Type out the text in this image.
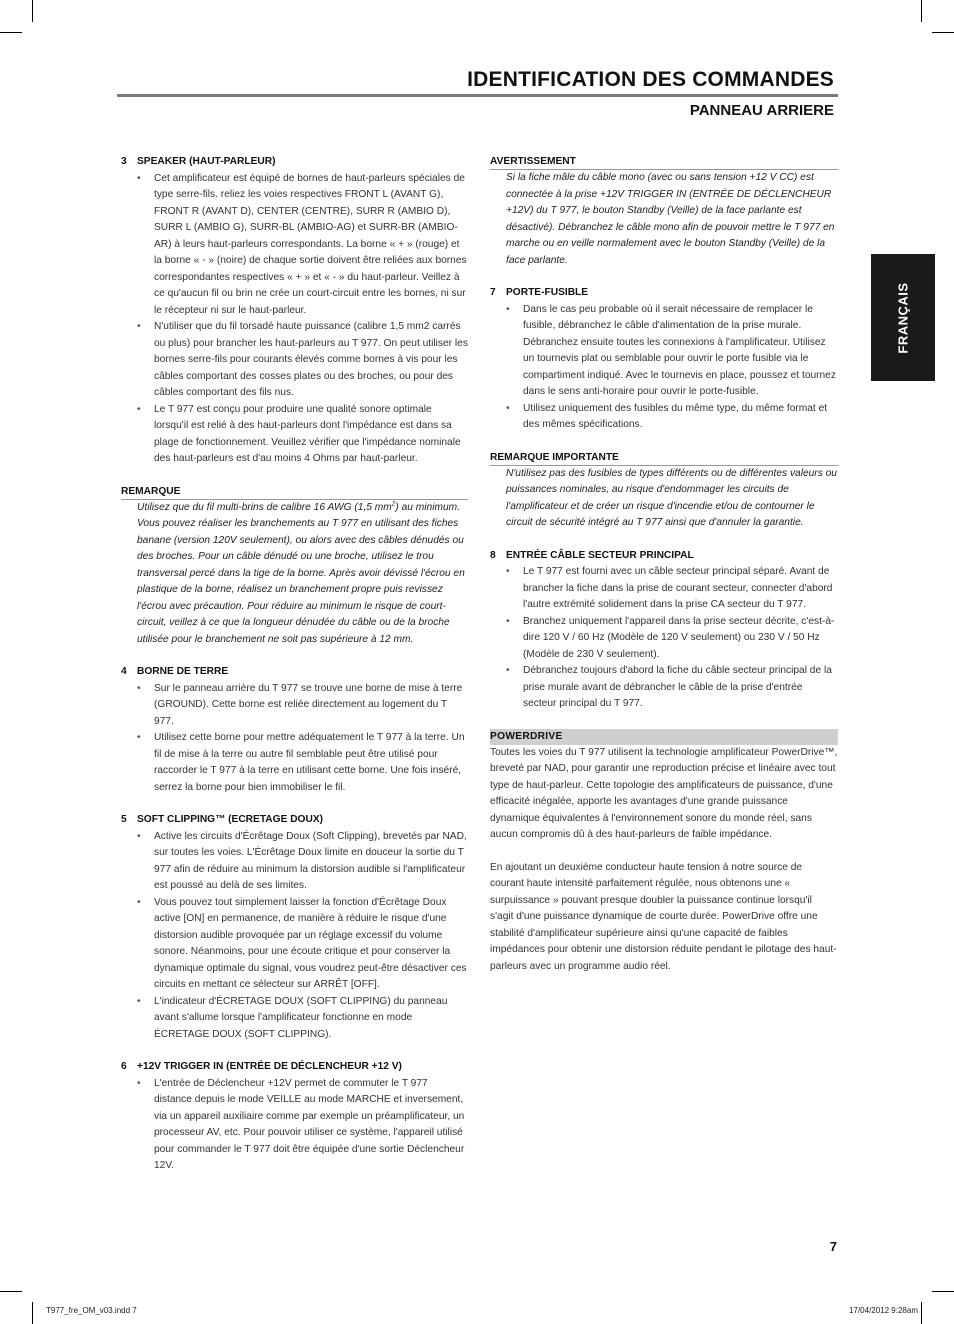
IDENTIFICATION DES COMMANDES
PANNEAU ARRIERE
FRANÇAIS
3	SPEAKER (HAUT-PARLEUR)
• Cet amplificateur est équipé de bornes de haut-parleurs spéciales de type serre-fils. reliez les voies respectives FRONT L (AVANT G), FRONT R (AVANT D), CENTER (CENTRE), SURR R (AMBIO D), SURR L (AMBIO G), SURR-BL (AMBIO-AG) et SURR-BR (AMBIO-AR) à leurs haut-parleurs correspondants. La borne « + » (rouge) et la borne « - » (noire) de chaque sortie doivent être reliées aux bornes correspondantes respectives « + » et « - » du haut-parleur. Veillez à ce qu'aucun fil ou brin ne crée un court-circuit entre les bornes, ni sur le récepteur ni sur le haut-parleur.
• N'utiliser que du fil torsadé haute puissance (calibre 1,5 mm2 carrés ou plus) pour brancher les haut-parleurs au T 977. On peut utiliser les bornes serre-fils pour courants élevés comme bornes à vis pour les câbles comportant des cosses plates ou des broches, ou pour des câbles comportant des fils nus.
• Le T 977 est conçu pour produire une qualité sonore optimale lorsqu'il est relié à des haut-parleurs dont l'impédance est dans sa plage de fonctionnement. Veuillez vérifier que l'impédance nominale des haut-parleurs est d'au moins 4 Ohms par haut-parleur.
REMARQUE
Utilisez que du fil multi-brins de calibre 16 AWG (1,5 $mm^2$) au minimum. Vous pouvez réaliser les branchements au T 977 en utilisant des fiches banane (version 120V seulement), ou alors avec des câbles dénudés ou des broches. Pour un câble dénudé ou une broche, utilisez le trou transversal percé dans la tige de la borne. Après avoir dévissé l'écrou en plastique de la borne, réalisez un branchement propre puis revissez l'écrou avec précaution. Pour réduire au minimum le risque de court-circuit, veillez à ce que la longueur dénudée du câble ou de la broche utilisée pour le branchement ne soit pas supérieure à 12 mm.
4	BORNE DE TERRE
• Sur le panneau arrière du T 977 se trouve une borne de mise à terre (GROUND). Cette borne est reliée directement au logement du T 977.
• Utilisez cette borne pour mettre adéquatement le T 977 à la terre. Un fil de mise à la terre ou autre fil semblable peut être utilisé pour raccorder le T 977 à la terre en utilisant cette borne. Une fois inséré, serrez la borne pour bien immobiliser le fil.
5	SOFT CLIPPING™ (ECRETAGE DOUX)
• Active les circuits d'Écrêtage Doux (Soft Clipping), brevetés par NAD, sur toutes les voies. L'Écrêtage Doux limite en douceur la sortie du T 977 afin de réduire au minimum la distorsion audible si l'amplificateur est poussé au delà de ses limites.
• Vous pouvez tout simplement laisser la fonction d'Écrêtage Doux active [ON] en permanence, de manière à réduire le risque d'une distorsion audible provoquée par un réglage excessif du volume sonore. Néanmoins, pour une écoute critique et pour conserver la dynamique optimale du signal, vous voudrez peut-être désactiver ces circuits en mettant ce sélecteur sur ARRÊT [OFF].
• L'indicateur d'ÉCRETAGE DOUX (SOFT CLIPPING) du panneau avant s'allume lorsque l'amplificateur fonctionne en mode ÉCRETAGE DOUX (SOFT CLIPPING).
6	+12V TRIGGER IN (ENTRÉE DE DÉCLENCHEUR +12 V)
• L'entrée de Déclencheur +12V permet de commuter le T 977 distance depuis le mode VEILLE au mode MARCHE et inversement, via un appareil auxiliaire comme par exemple un préamplificateur, un processeur AV, etc. Pour pouvoir utiliser ce système, l'appareil utilisé pour commander le T 977 doit être équipée d'une sortie Déclencheur 12V.
AVERTISSEMENT
Si la fiche mâle du câble mono (avec ou sans tension +12 V CC) est connectée à la prise +12V TRIGGER IN (ENTRÉE DE DÉCLENCHEUR +12V) du T 977, le bouton Standby (Veille) de la face parlante est désactivé). Débranchez le câble mono afin de pouvoir mettre le T 977 en marche ou en veille normalement avec le bouton Standby (Veille) de la face parlante.
7	PORTE-FUSIBLE
• Dans le cas peu probable où il serait nécessaire de remplacer le fusible, débranchez le câble d'alimentation de la prise murale. Débranchez ensuite toutes les connexions à l'amplificateur. Utilisez un tournevis plat ou semblable pour ouvrir le porte fusible via le compartiment indiqué. Avec le tournevis en place, poussez et tournez dans le sens anti-horaire pour ouvrir le porte-fusible.
• Utilisez uniquement des fusibles du même type, du même format et des mêmes spécifications.
REMARQUE IMPORTANTE
N'utilisez pas des fusibles de types différents ou de différentes valeurs ou puissances nominales, au risque d'endommager les circuits de l'amplificateur et de créer un risque d'incendie et/ou de contourner le circuit de sécurité intégré au T 977 ainsi que d'annuler la garantie.
8	ENTRÉE CÂBLE SECTEUR PRINCIPAL
• Le T 977 est fourni avec un câble secteur principal séparé. Avant de brancher la fiche dans la prise de courant secteur, connecter d'abord l'autre extrémité solidement dans la prise CA secteur du T 977.
• Branchez uniquement l'appareil dans la prise secteur décrite, c'est-à-dire 120 V / 60 Hz (Modèle de 120 V seulement) ou 230 V / 50 Hz (Modèle de 230 V seulement).
• Débranchez toujours d'abord la fiche du câble secteur principal de la prise murale avant de débrancher le câble de la prise d'entrée secteur principal du T 977.
POWERDRIVE
Toutes les voies du T 977 utilisent la technologie amplificateur PowerDrive™, breveté par NAD, pour garantir une reproduction précise et linéaire avec tout type de haut-parleur. Cette topologie des amplificateurs de puissance, d'une efficacité inégalée, apporte les avantages d'une grande puissance dynamique équivalentes à l'environnement sonore du monde réel, sans aucun compromis dû à des haut-parleurs de faible impédance.
En ajoutant un deuxième conducteur haute tension à notre source de courant haute intensité parfaitement régulée, nous obtenons une « surpuissance » pouvant presque doubler la puissance continue lorsqu'il s'agit d'une puissance dynamique de courte durée. PowerDrive offre une stabilité d'amplificateur supérieure ainsi qu'une capacité de faibles impédances pour obtenir une distorsion réduite pendant le pilotage des haut-parleurs avec un programme audio réel.
7
T977_fre_OM_v03.indd 7	17/04/2012 9:28am
